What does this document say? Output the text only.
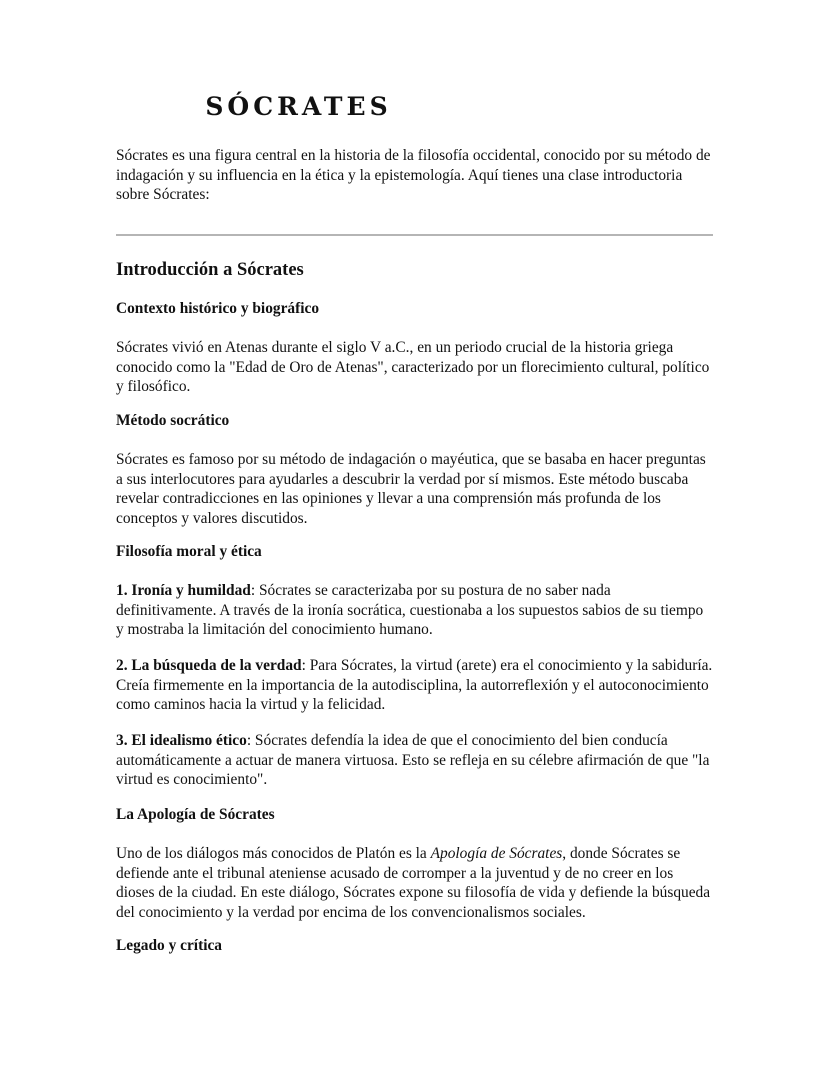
SÓCRATES

Sócrates es una figura central en la historia de la filosofía occidental, conocido por su método de indagación y su influencia en la ética y la epistemología. Aquí tienes una clase introductoria sobre Sócrates:

Introducción a Sócrates
Contexto histórico y biográfico

Sócrates vivió en Atenas durante el siglo V a.C., en un periodo crucial de la historia griega conocido como la "Edad de Oro de Atenas", caracterizado por un florecimiento cultural, político y filosófico.

Método socrático

Sócrates es famoso por su método de indagación o mayéutica, que se basaba en hacer preguntas a sus interlocutores para ayudarles a descubrir la verdad por sí mismos. Este método buscaba revelar contradicciones en las opiniones y llevar a una comprensión más profunda de los conceptos y valores discutidos.

Filosofía moral y ética

1. Ironía y humildad: Sócrates se caracterizaba por su postura de no saber nada definitivamente. A través de la ironía socrática, cuestionaba a los supuestos sabios de su tiempo y mostraba la limitación del conocimiento humano.

2. La búsqueda de la verdad: Para Sócrates, la virtud (arete) era el conocimiento y la sabiduría. Creía firmemente en la importancia de la autodisciplina, la autorreflexión y el autoconocimiento como caminos hacia la virtud y la felicidad.

3. El idealismo ético: Sócrates defendía la idea de que el conocimiento del bien conducía automáticamente a actuar de manera virtuosa. Esto se refleja en su célebre afirmación de que "la virtud es conocimiento".

La Apología de Sócrates

Uno de los diálogos más conocidos de Platón es la Apología de Sócrates, donde Sócrates se defiende ante el tribunal ateniense acusado de corromper a la juventud y de no creer en los dioses de la ciudad. En este diálogo, Sócrates expone su filosofía de vida y defiende la búsqueda del conocimiento y la verdad por encima de los convencionalismos sociales.

Legado y crítica
